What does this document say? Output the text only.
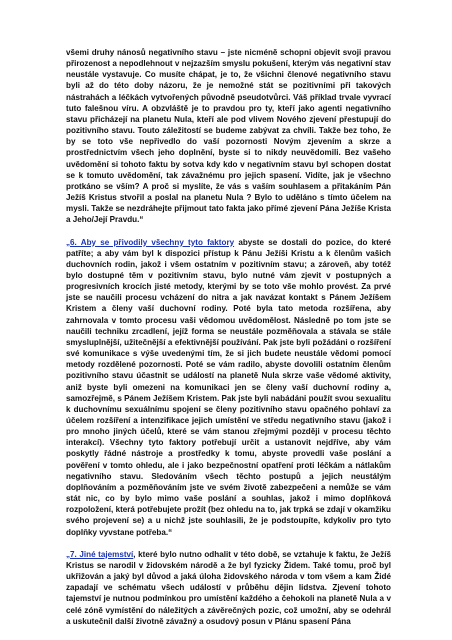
všemi druhy nánosů negativního stavu – jste nicméně schopni objevit svoji pravou přirozenost a nepodlehnout v nejzazším smyslu pokušení, kterým vás negativní stav neustále vystavuje. Co musíte chápat, je to, že všichni členové negativního stavu byli až do této doby názoru, že je nemožné stát se pozitivními při takových nástrahách a léčkách vytvořených původně pseudotvůrci. Váš příklad trvale vyvrací tuto falešnou víru. A obzvláště je to pravdou pro ty, kteří jako agenti negativního stavu přicházejí na planetu Nula, kteří ale pod vlivem Nového zjevení přestupují do pozitivního stavu. Touto záležitostí se budeme zabývat za chvíli. Takže bez toho, že by se toto vše nepřivedlo do vaší pozornosti Novým zjevením a skrze a prostřednictvím všech jeho doplnění, byste si to nikdy neuvědomili. Bez vašeho uvědomění si tohoto faktu by sotva kdy kdo v negativním stavu byl schopen dostat se k tomuto uvědomění, tak závažnému pro jejich spasení. Vidíte, jak je všechno protkáno se vším? A proč si myslíte, že vás s vaším souhlasem a přitakáním Pán Ježíš Kristus stvořil a poslal na planetu Nula ? Bylo to uděláno s tímto účelem na mysli. Takže se nezdráhejte přijmout tato fakta jako přímé zjevení Pána Ježíše Krista a Jeho/Její Pravdu.“

„6. Aby se přivodily všechny tyto faktory abyste se dostali do pozice, do které patříte; a aby vám byl k dispozici přístup k Pánu Ježíši Kristu a k členům vašich duchovních rodin, jakož i všem ostatním v pozitivním stavu; a zároveň, aby totéž bylo dostupné těm v pozitivním stavu, bylo nutné vám zjevit v postupných a progresivních krocích jisté metody, kterými by se toto vše mohlo provést. Za prvé jste se naučili procesu vcházení do nitra a jak navázat kontakt s Pánem Ježíšem Kristem a členy vaší duchovní rodiny. Poté byla tato metoda rozšířena, aby zahrnovala v tomto procesu vaši vědomou uvědomělost. Následně po tom jste se naučili techniku zrcadlení, jejíž forma se neustále pozměňovala a stávala se stále smysluplnější, užitečnější a efektivnější používání. Pak jste byli požádáni o rozšíření své komunikace s výše uvedenými tím, že si jich budete neustále vědomi pomocí metody rozdělené pozornosti. Poté se vám radilo, abyste dovolili ostatním členům pozitivního stavu účastnit se událostí na planetě Nula skrze vaše vědomé aktivity, aniž byste byli omezeni na komunikaci jen se členy vaší duchovní rodiny a, samozřejmě, s Pánem Ježíšem Kristem. Pak jste byli nabádáni použít svou sexualitu k duchovnímu sexuálnímu spojení se členy pozitivního stavu opačného pohlaví za účelem rozšíření a intenzifikace jejich umístění ve středu negativního stavu (jakož i pro mnoho jiných účelů, které se vám stanou zřejmými později v procesu těchto interakcí). Všechny tyto faktory potřebují určit a ustanovit nejdříve, aby vám poskytly řádné nástroje a prostředky k tomu, abyste provedli vaše poslání a pověření v tomto ohledu, ale i jako bezpečnostní opatření proti léčkám a nátlakům negativního stavu. Sledováním všech těchto postupů a jejich neustálým doplňováním a pozměňováním jste ve svém životě zabezpečeni a nemůže se vám stát nic, co by bylo mimo vaše poslání a souhlas, jakož i mimo doplňková rozpoložení, která potřebujete prožít (bez ohledu na to, jak trpká se zdají v okamžiku svého projevení se) a u nichž jste souhlasili, že je podstoupíte, kdykoliv pro tyto doplňky vyvstane potřeba.“

„7. Jiné tajemství, které bylo nutno odhalit v této době, se vztahuje k faktu, že Ježíš Kristus se narodil v židovském národě a že byl fyzicky Židem. Také tomu, proč byl ukřižován a jaký byl důvod a jaká úloha židovského národa v tom všem a kam Židé zapadají ve schématu všech událostí v průběhu dějin lidstva. Zjevení tohoto tajemství je nutnou podmínkou pro umístění každého a čehokoli na planetě Nula a v celé zóně vymístění do náležitých a závěrečných pozic, což umožní, aby se odehrál a uskutečnil další životně závažný a osudový posun v Plánu spasení Pána
